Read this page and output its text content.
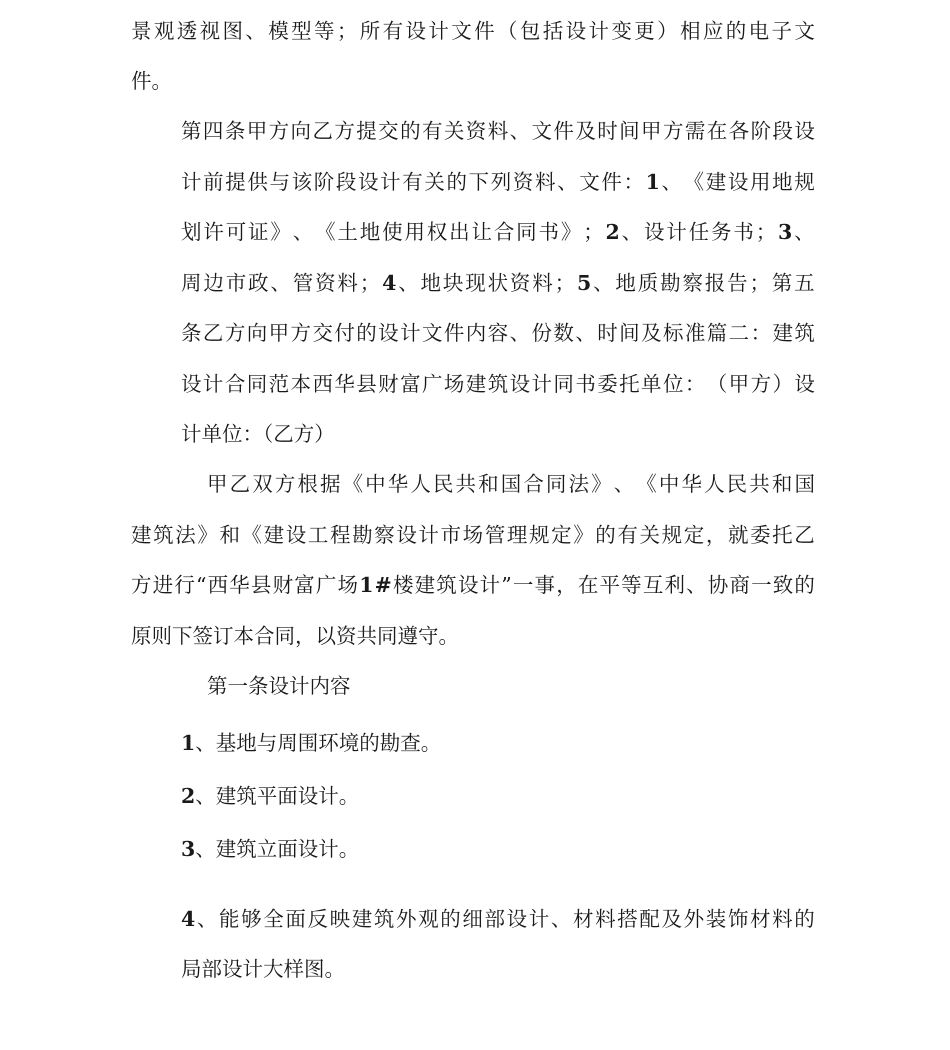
景 观 透 视 图 、 模 型 等 ； 所 有 设 计 文 件 （ 包 括 设 计 变 更 ） 相 应 的 电 子 文
件。
第 四 条 甲 方 向 乙 方 提 交 的 有 关 资 料 、 文 件 及 时 间 甲 方 需 在 各 阶 段 设
计 前 提 供 与 该 阶 段 设 计 有 关 的 下 列 资 料 、 文 件 ： 1 、 《 建 设 用 地 规
划 许 可 证 》 、 《 土 地 使 用 权 出 让 合 同 书 》 ； 2 、 设 计 任 务 书 ； 3 、
周 边 市 政 、 管 资 料 ； 4 、 地 块 现 状 资 料 ； 5 、 地 质 勘 察 报 告 ； 第 五
条 乙 方 向 甲 方 交 付 的 设 计 文 件 内 容 、 份 数 、 时 间 及 标 准 篇 二 ： 建 筑
设 计 合 同 范 本 西 华 县 财 富 广 场 建 筑 设 计 同 书 委 托 单 位 ： （ 甲 方 ） 设
计单位：（乙方）
甲 乙 双 方 根 据 《 中 华 人 民 共 和 国 合 同 法 》 、 《 中 华 人 民 共 和 国
建 筑 法 》 和 《 建 设 工 程 勘 察 设 计 市 场 管 理 规 定 》 的 有 关 规 定 ， 就 委 托 乙
方 进 行 “ 西 华 县 财 富 广 场 1 # 楼 建 筑 设 计 ” 一 事 ， 在 平 等 互 利 、 协 商 一 致 的
原则下签订本合同，以资共同遵守。
第一条设计内容
1、基地与周围环境的勘查。
2、建筑平面设计。
3、建筑立面设计。
4 、 能 够 全 面 反 映 建 筑 外 观 的 细 部 设 计 、 材 料 搭 配 及 外 装 饰 材 料 的
局部设计大样图。
